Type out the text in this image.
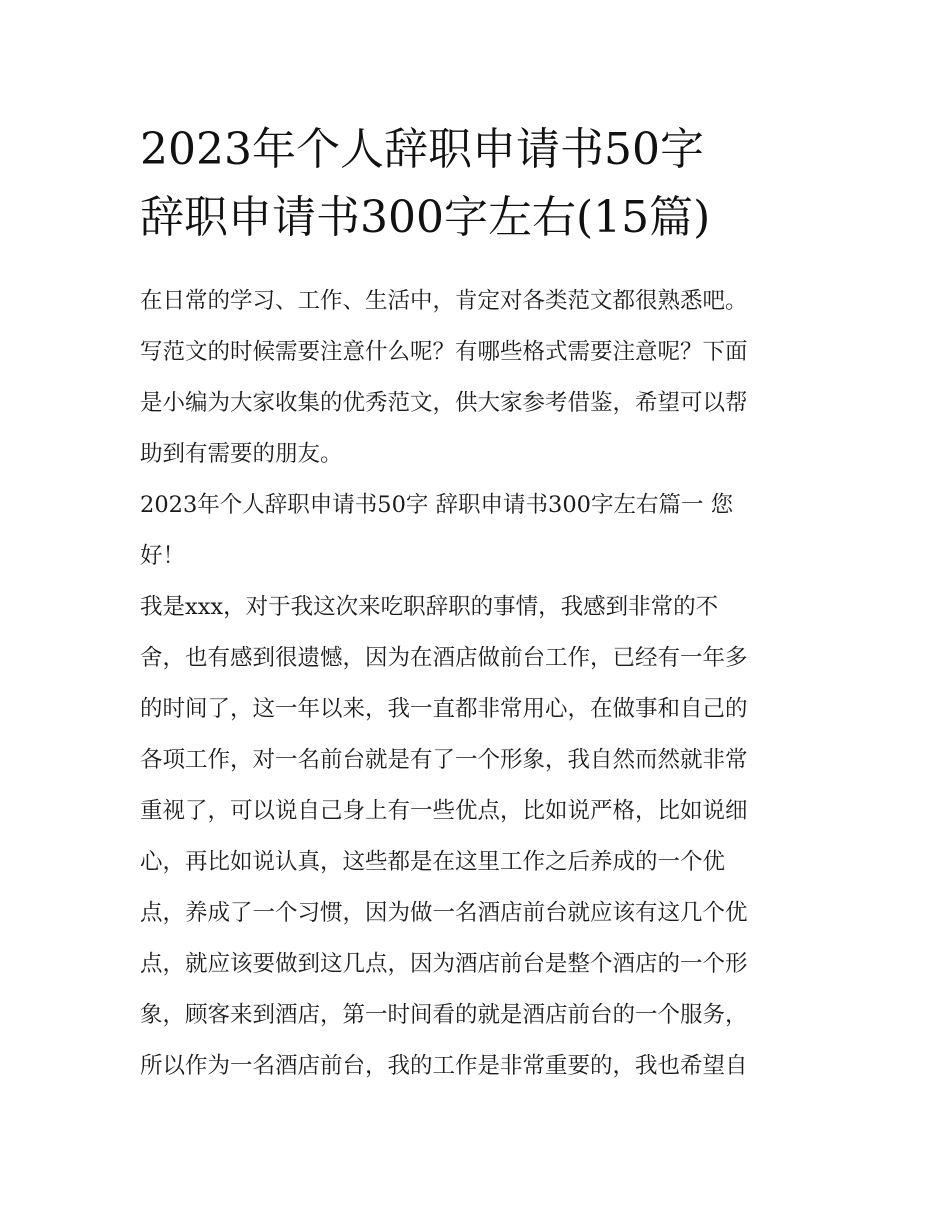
2023年个人辞职申请书50字
辞职申请书300字左右(15篇)
在日常的学习、工作、生活中，肯定对各类范文都很熟悉吧。
写范文的时候需要注意什么呢？有哪些格式需要注意呢？下面
是小编为大家收集的优秀范文，供大家参考借鉴，希望可以帮
助到有需要的朋友。
2023年个人辞职申请书50字 辞职申请书300字左右篇一 您
好！
我是xxx，对于我这次来吃职辞职的事情，我感到非常的不
舍，也有感到很遗憾，因为在酒店做前台工作，已经有一年多
的时间了，这一年以来，我一直都非常用心，在做事和自己的
各项工作，对一名前台就是有了一个形象，我自然而然就非常
重视了，可以说自己身上有一些优点，比如说严格，比如说细
心，再比如说认真，这些都是在这里工作之后养成的一个优
点，养成了一个习惯，因为做一名酒店前台就应该有这几个优
点，就应该要做到这几点，因为酒店前台是整个酒店的一个形
象，顾客来到酒店，第一时间看的就是酒店前台的一个服务，
所以作为一名酒店前台，我的工作是非常重要的，我也希望自
